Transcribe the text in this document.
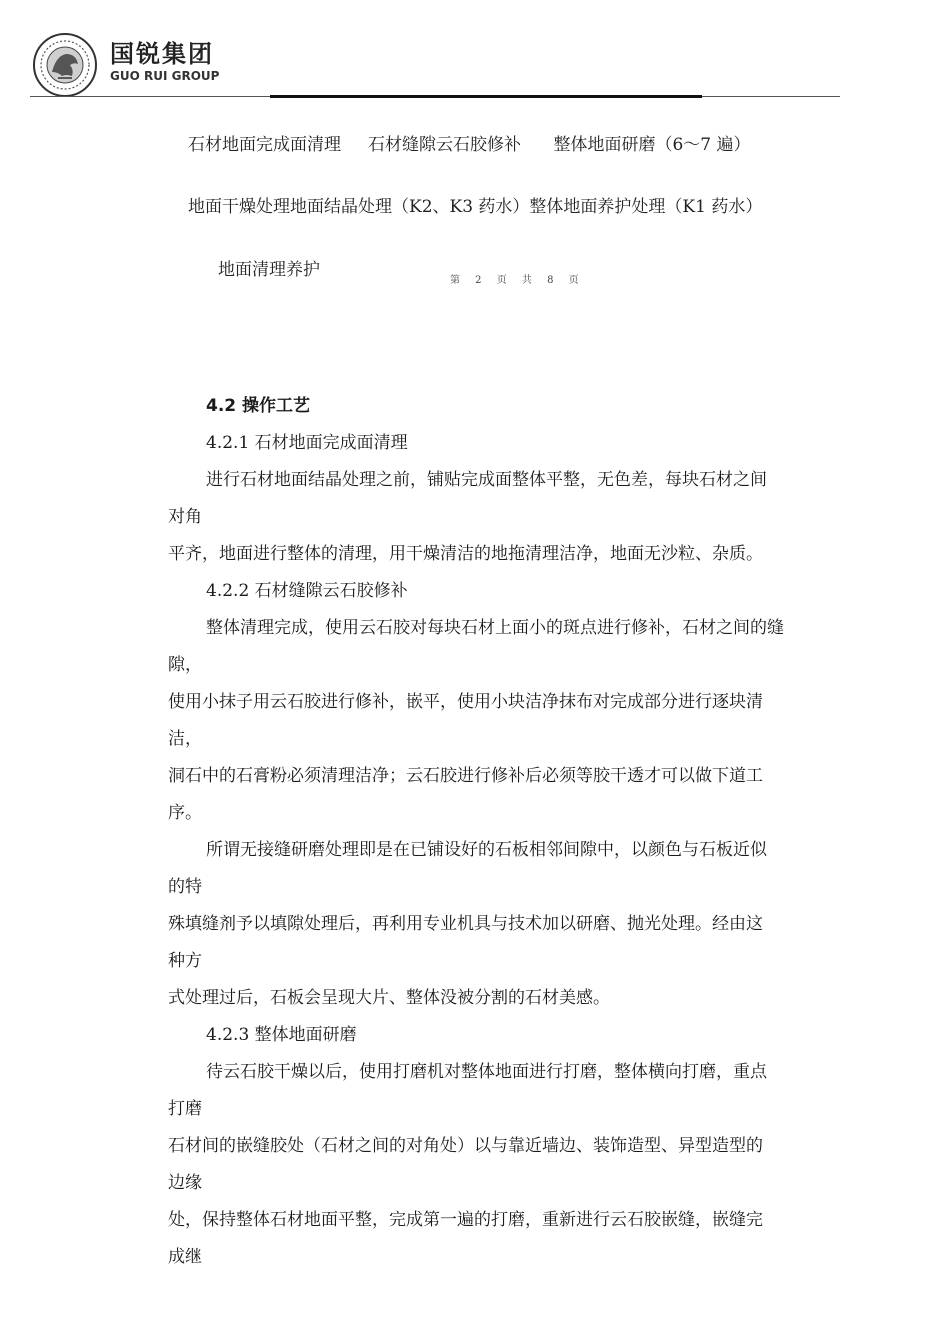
国锐集团
GUO RUI GROUP
石材地面完成面清理     石材缝隙云石胶修补      整体地面研磨（6～7 遍）
地面干燥处理地面结晶处理（K2、K3 药水）整体地面养护处理（K1 药水）
地面清理养护
第 2 页 共 8 页

4.2 操作工艺

4.2.1 石材地面完成面清理

进行石材地面结晶处理之前，铺贴完成面整体平整，无色差，每块石材之间

对角

平齐，地面进行整体的清理，用干燥清洁的地拖清理洁净，地面无沙粒、杂质。

4.2.2 石材缝隙云石胶修补

整体清理完成，使用云石胶对每块石材上面小的斑点进行修补，石材之间的缝

隙，

使用小抹子用云石胶进行修补，嵌平，使用小块洁净抹布对完成部分进行逐块清

洁，

洞石中的石膏粉必须清理洁净；云石胶进行修补后必须等胶干透才可以做下道工

序。

所谓无接缝研磨处理即是在已铺设好的石板相邻间隙中，以颜色与石板近似

的特

殊填缝剂予以填隙处理后，再利用专业机具与技术加以研磨、抛光处理。经由这

种方

式处理过后，石板会呈现大片、整体没被分割的石材美感。

4.2.3 整体地面研磨

待云石胶干燥以后，使用打磨机对整体地面进行打磨，整体横向打磨，重点

打磨

石材间的嵌缝胶处（石材之间的对角处）以与靠近墙边、装饰造型、异型造型的

边缘

处，保持整体石材地面平整，完成第一遍的打磨，重新进行云石胶嵌缝，嵌缝完

成继
